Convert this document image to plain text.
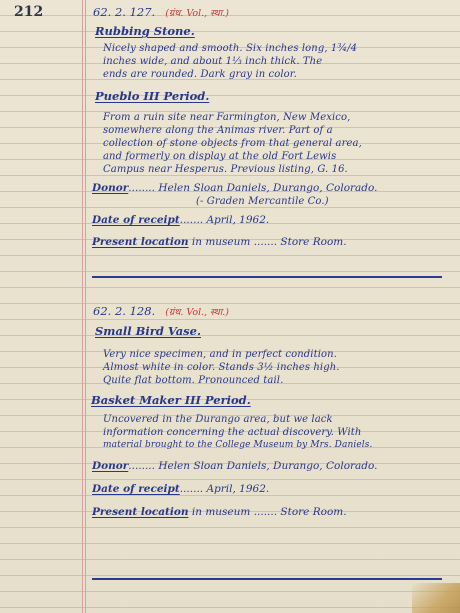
212	62. 2. 127. (ग्रंथ. Vol., स्था.)
Rubbing Stone.
Nicely shaped and smooth. Six inches long, 1¾/4
inches wide, and about 1⅓ inch thick. The
ends are rounded. Dark gray in color.
Pueblo III Period.
From a ruin site near Farmington, New Mexico,
somewhere along the Animas river. Part of a
collection of stone objects from that general area,
and formerly on display at the old Fort Lewis
Campus near Hesperus. Previous listing, G. 16.
Donor........ Helen Sloan Daniels, Durango, Colorado.
(- Graden Mercantile Co.)
Date of receipt....... April, 1962.
Present location in museum ....... Store Room.
62. 2. 128. (ग्रंथ. Vol., स्था.)
Small Bird Vase.
Very nice specimen, and in perfect condition.
Almost white in color. Stands 3½ inches high.
Quite flat bottom. Pronounced tail.
Basket Maker III Period.
Uncovered in the Durango area, but we lack
information concerning the actual discovery. With
material brought to the College Museum by Mrs. Daniels.
Donor........ Helen Sloan Daniels, Durango, Colorado.
Date of receipt....... April, 1962.
Present location in museum ....... Store Room.
